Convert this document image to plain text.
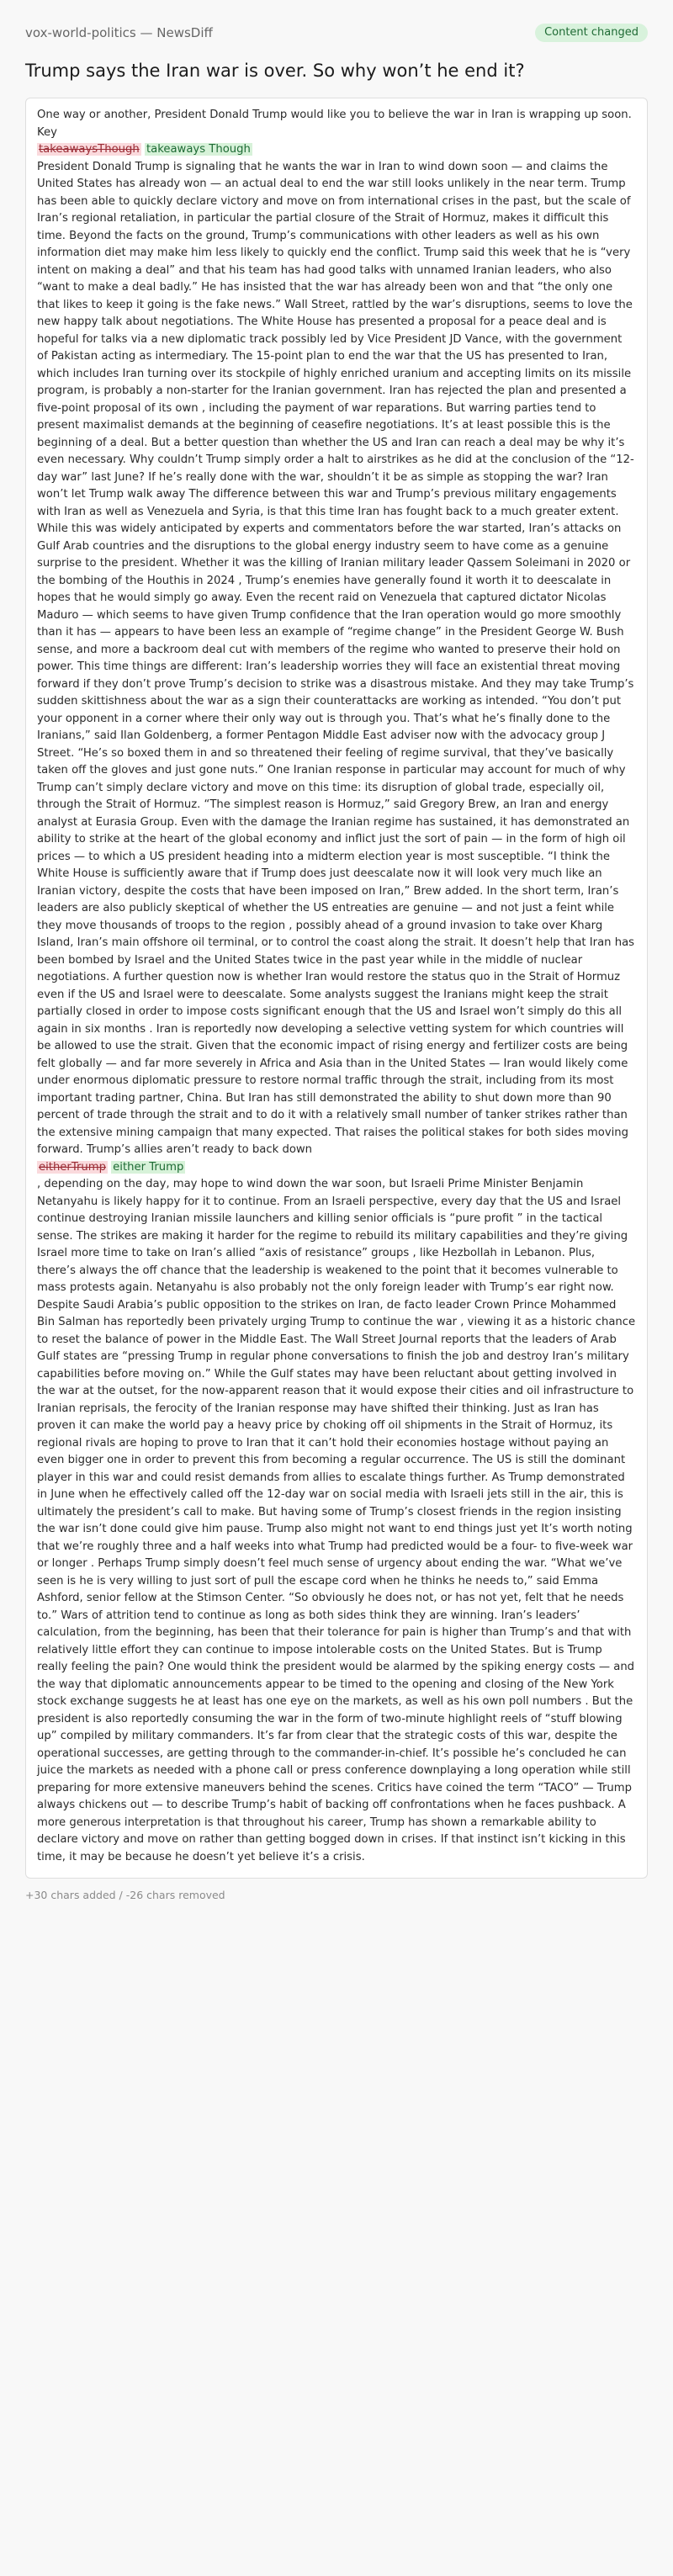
vox-world-politics — NewsDiff	Content changed
Trump says the Iran war is over. So why won’t he end it?

One way or another, President Donald Trump would like you to believe the war in Iran is wrapping up soon.

Key

takeawaysThough takeaways Though

President Donald Trump is signaling that he wants the war in Iran to wind down soon — and claims the United States has already won — an actual deal to end the war still looks unlikely in the near term. Trump has been able to quickly declare victory and move on from international crises in the past, but the scale of Iran’s regional retaliation, in particular the partial closure of the Strait of Hormuz, makes it difficult this time. Beyond the facts on the ground, Trump’s communications with other leaders as well as his own information diet may make him less likely to quickly end the conflict. Trump said this week that he is “very intent on making a deal” and that his team has had good talks with unnamed Iranian leaders, who also “want to make a deal badly.” He has insisted that the war has already been won and that “the only one that likes to keep it going is the fake news.” Wall Street, rattled by the war’s disruptions, seems to love the new happy talk about negotiations. The White House has presented a proposal for a peace deal and is hopeful for talks via a new diplomatic track possibly led by Vice President JD Vance, with the government of Pakistan acting as intermediary. The 15-point plan to end the war that the US has presented to Iran, which includes Iran turning over its stockpile of highly enriched uranium and accepting limits on its missile program, is probably a non-starter for the Iranian government. Iran has rejected the plan and presented a five-point proposal of its own , including the payment of war reparations. But warring parties tend to present maximalist demands at the beginning of ceasefire negotiations. It’s at least possible this is the beginning of a deal. But a better question than whether the US and Iran can reach a deal may be why it’s even necessary. Why couldn’t Trump simply order a halt to airstrikes as he did at the conclusion of the “12-day war” last June? If he’s really done with the war, shouldn’t it be as simple as stopping the war? Iran won’t let Trump walk away The difference between this war and Trump’s previous military engagements with Iran as well as Venezuela and Syria, is that this time Iran has fought back to a much greater extent. While this was widely anticipated by experts and commentators before the war started, Iran’s attacks on Gulf Arab countries and the disruptions to the global energy industry seem to have come as a genuine surprise to the president. Whether it was the killing of Iranian military leader Qassem Soleimani in 2020 or the bombing of the Houthis in 2024 , Trump’s enemies have generally found it worth it to deescalate in hopes that he would simply go away. Even the recent raid on Venezuela that captured dictator Nicolas Maduro — which seems to have given Trump confidence that the Iran operation would go more smoothly than it has — appears to have been less an example of “regime change” in the President George W. Bush sense, and more a backroom deal cut with members of the regime who wanted to preserve their hold on power. This time things are different: Iran’s leadership worries they will face an existential threat moving forward if they don’t prove Trump’s decision to strike was a disastrous mistake. And they may take Trump’s sudden skittishness about the war as a sign their counterattacks are working as intended. “You don’t put your opponent in a corner where their only way out is through you. That’s what he’s finally done to the Iranians,” said Ilan Goldenberg, a former Pentagon Middle East adviser now with the advocacy group J Street. “He’s so boxed them in and so threatened their feeling of regime survival, that they’ve basically taken off the gloves and just gone nuts.” One Iranian response in particular may account for much of why Trump can’t simply declare victory and move on this time: its disruption of global trade, especially oil, through the Strait of Hormuz. “The simplest reason is Hormuz,” said Gregory Brew, an Iran and energy analyst at Eurasia Group. Even with the damage the Iranian regime has sustained, it has demonstrated an ability to strike at the heart of the global economy and inflict just the sort of pain — in the form of high oil prices — to which a US president heading into a midterm election year is most susceptible. “I think the White House is sufficiently aware that if Trump does just deescalate now it will look very much like an Iranian victory, despite the costs that have been imposed on Iran,” Brew added. In the short term, Iran’s leaders are also publicly skeptical of whether the US entreaties are genuine — and not just a feint while they move thousands of troops to the region , possibly ahead of a ground invasion to take over Kharg Island, Iran’s main offshore oil terminal, or to control the coast along the strait. It doesn’t help that Iran has been bombed by Israel and the United States twice in the past year while in the middle of nuclear negotiations. A further question now is whether Iran would restore the status quo in the Strait of Hormuz even if the US and Israel were to deescalate. Some analysts suggest the Iranians might keep the strait partially closed in order to impose costs significant enough that the US and Israel won’t simply do this all again in six months . Iran is reportedly now developing a selective vetting system for which countries will be allowed to use the strait. Given that the economic impact of rising energy and fertilizer costs are being felt globally — and far more severely in Africa and Asia than in the United States — Iran would likely come under enormous diplomatic pressure to restore normal traffic through the strait, including from its most important trading partner, China. But Iran has still demonstrated the ability to shut down more than 90 percent of trade through the strait and to do it with a relatively small number of tanker strikes rather than the extensive mining campaign that many expected. That raises the political stakes for both sides moving forward. Trump’s allies aren’t ready to back down

eitherTrump either Trump

, depending on the day, may hope to wind down the war soon, but Israeli Prime Minister Benjamin Netanyahu is likely happy for it to continue. From an Israeli perspective, every day that the US and Israel continue destroying Iranian missile launchers and killing senior officials is “pure profit ” in the tactical sense. The strikes are making it harder for the regime to rebuild its military capabilities and they’re giving Israel more time to take on Iran’s allied “axis of resistance” groups , like Hezbollah in Lebanon. Plus, there’s always the off chance that the leadership is weakened to the point that it becomes vulnerable to mass protests again. Netanyahu is also probably not the only foreign leader with Trump’s ear right now. Despite Saudi Arabia’s public opposition to the strikes on Iran, de facto leader Crown Prince Mohammed Bin Salman has reportedly been privately urging Trump to continue the war , viewing it as a historic chance to reset the balance of power in the Middle East. The Wall Street Journal reports that the leaders of Arab Gulf states are “pressing Trump in regular phone conversations to finish the job and destroy Iran’s military capabilities before moving on.” While the Gulf states may have been reluctant about getting involved in the war at the outset, for the now-apparent reason that it would expose their cities and oil infrastructure to Iranian reprisals, the ferocity of the Iranian response may have shifted their thinking. Just as Iran has proven it can make the world pay a heavy price by choking off oil shipments in the Strait of Hormuz, its regional rivals are hoping to prove to Iran that it can’t hold their economies hostage without paying an even bigger one in order to prevent this from becoming a regular occurrence. The US is still the dominant player in this war and could resist demands from allies to escalate things further. As Trump demonstrated in June when he effectively called off the 12-day war on social media with Israeli jets still in the air, this is ultimately the president’s call to make. But having some of Trump’s closest friends in the region insisting the war isn’t done could give him pause. Trump also might not want to end things just yet It’s worth noting that we’re roughly three and a half weeks into what Trump had predicted would be a four- to five-week war or longer . Perhaps Trump simply doesn’t feel much sense of urgency about ending the war. “What we’ve seen is he is very willing to just sort of pull the escape cord when he thinks he needs to,” said Emma Ashford, senior fellow at the Stimson Center. “So obviously he does not, or has not yet, felt that he needs to.” Wars of attrition tend to continue as long as both sides think they are winning. Iran’s leaders’ calculation, from the beginning, has been that their tolerance for pain is higher than Trump’s and that with relatively little effort they can continue to impose intolerable costs on the United States. But is Trump really feeling the pain? One would think the president would be alarmed by the spiking energy costs — and the way that diplomatic announcements appear to be timed to the opening and closing of the New York stock exchange suggests he at least has one eye on the markets, as well as his own poll numbers . But the president is also reportedly consuming the war in the form of two-minute highlight reels of “stuff blowing up” compiled by military commanders. It’s far from clear that the strategic costs of this war, despite the operational successes, are getting through to the commander-in-chief. It’s possible he’s concluded he can juice the markets as needed with a phone call or press conference downplaying a long operation while still preparing for more extensive maneuvers behind the scenes. Critics have coined the term “TACO” — Trump always chickens out — to describe Trump’s habit of backing off confrontations when he faces pushback. A more generous interpretation is that throughout his career, Trump has shown a remarkable ability to declare victory and move on rather than getting bogged down in crises. If that instinct isn’t kicking in this time, it may be because he doesn’t yet believe it’s a crisis.

+30 chars added / -26 chars removed
